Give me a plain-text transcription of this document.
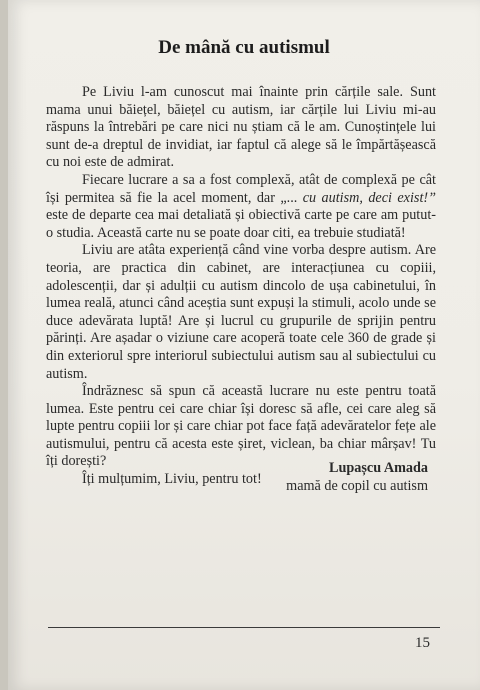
De mână cu autismul

Pe Liviu l-am cunoscut mai înainte prin cărțile sale. Sunt mama unui băiețel, băiețel cu autism, iar cărțile lui Liviu mi-au răspuns la întrebări pe care nici nu știam că le am. Cunoștințele lui sunt de-a dreptul de invidiat, iar faptul că alege să le împărtășească cu noi este de admirat.

Fiecare lucrare a sa a fost complexă, atât de complexă pe cât își permitea să fie la acel moment, dar „... cu autism, deci exist!” este de departe cea mai detaliată și obiectivă carte pe care am putut-o studia. Această carte nu se poate doar citi, ea trebuie studiată!

Liviu are atâta experiență când vine vorba despre autism. Are teoria, are practica din cabinet, are interacțiunea cu copiii, adolescenții, dar și adulții cu autism dincolo de ușa cabinetului, în lumea reală, atunci când aceștia sunt expuși la stimuli, acolo unde se duce adevărata luptă! Are și lucrul cu grupurile de sprijin pentru părinți. Are așadar o viziune care acoperă toate cele 360 de grade și din exteriorul spre interiorul subiectului autism sau al subiectului cu autism.

Îndrăznesc să spun că această lucrare nu este pentru toată lumea. Este pentru cei care chiar își doresc să afle, cei care aleg să lupte pentru copiii lor și care chiar pot face față adevăratelor fețe ale autismului, pentru că acesta este șiret, viclean, ba chiar mârșav! Tu îți dorești?

Îți mulțumim, Liviu, pentru tot!

Lupașcu Amada
mamă de copil cu autism
15
